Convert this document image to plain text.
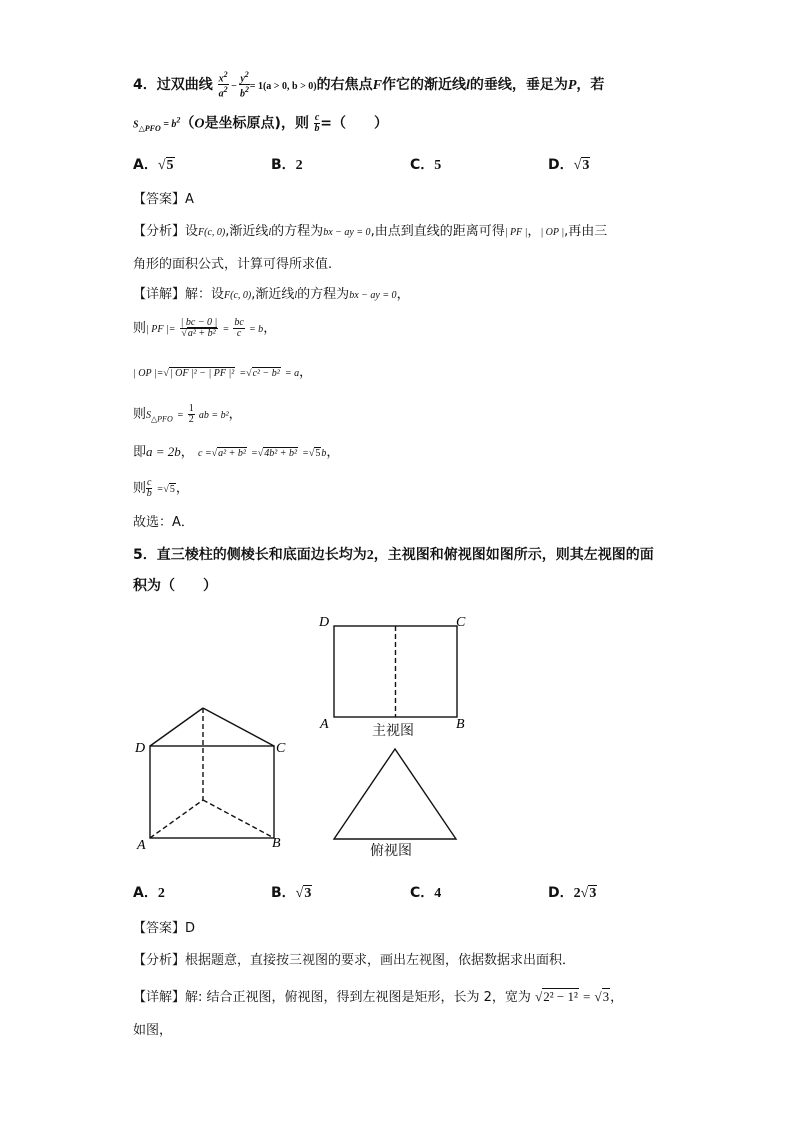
4．过双曲线 $\frac{x^2}{a^2} - \frac{y^2}{b^2} = 1(a > 0$, b > 0)的右焦点F作它的渐近线l的垂线，垂足为P，若
$S_{\triangle PFO} = b^2(O$是坐标原点)，则 $\frac{c}{b}$ =（　　）
A．√5	B．2	C．5	D．√3
【答案】A
【分析】设F(c, 0),渐近线l的方程为bx − ay = 0,由点到直线的距离可得| PF |，| OP |,再由三
角形的面积公式，计算可得所求值.
【详解】解：设F(c, 0),渐近线l的方程为bx − ay = 0，
则| PF |= $\frac{| bc - 0 |}{\text{√a² + b²}} = \frac{bc}{c} = b$，
| OP |=√| OF |² − | PF |² =√c² − b² = a，
则$S_{\triangle PFO} = \frac{1}{2}$ ab = b²，
即a = 2b， c =√a² + b² =√4b² + b² =√5b，
则 $\frac{c}{b} =√5$，
故选：A．
5．直三棱柱的侧棱长和底面边长均为2，主视图和俯视图如图所示，则其左视图的面
积为（　　）
D	C
A	B
D	C
A	B
主视图
俯视图
A．2	B．√3	C．4	D．2√3
【答案】D
【分析】根据题意，直接按三视图的要求，画出左视图，依据数据求出面积．
【详解】解: 结合正视图，俯视图，得到左视图是矩形，长为 2，宽为 √2² − 1² = √3，
如图，
